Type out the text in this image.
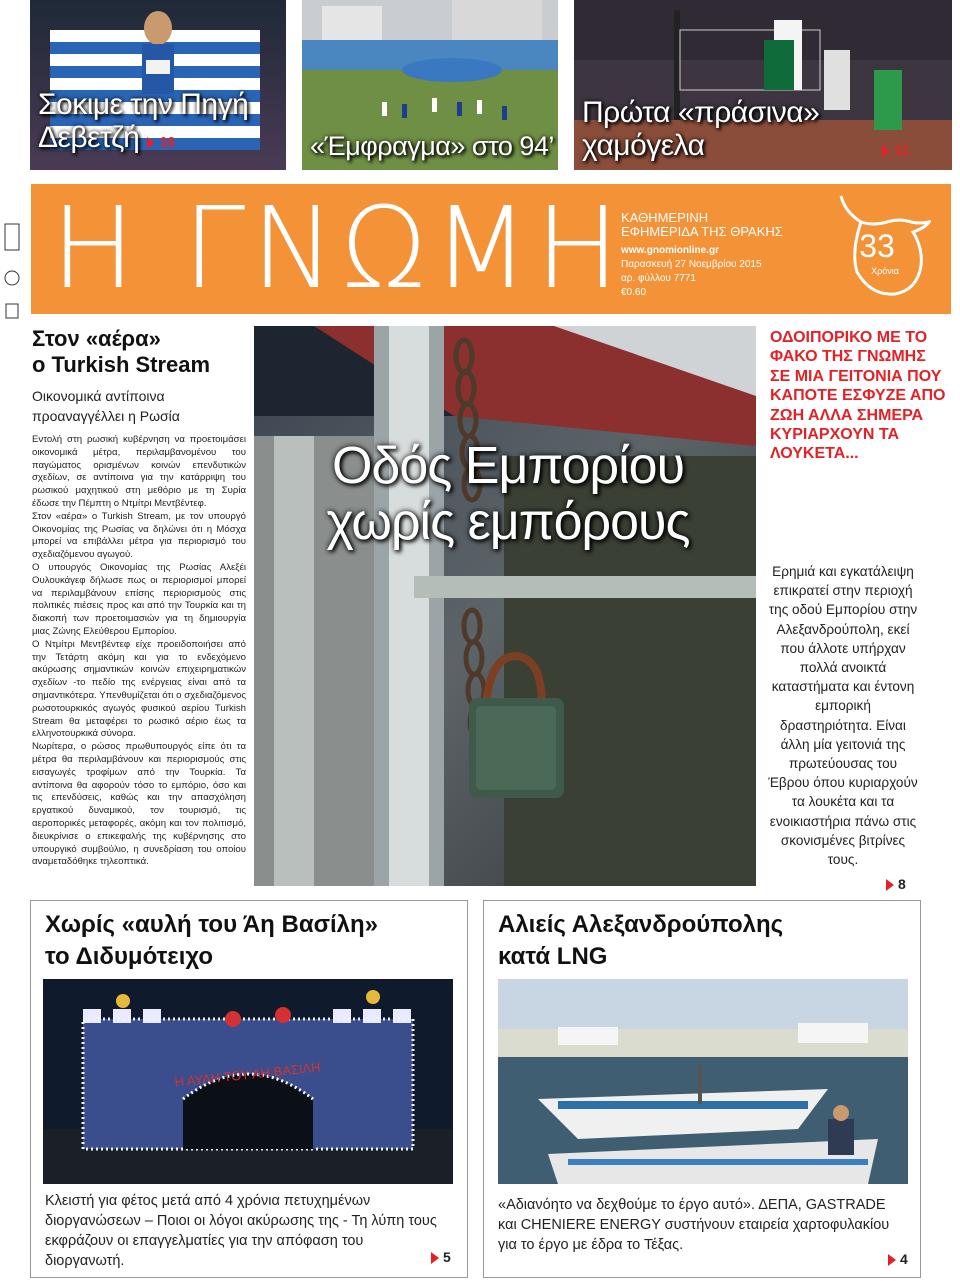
Σοκιμε την Πηγή
Δεβετζή 16	«Έμφραγμα» στο 94’
Πρώτα «πράσινα»
χαμόγελα	11
Η ΓΝΩΜΗ
ΚΑΘΗΜΕΡΙΝΗ
ΕΦΗΜΕΡΙΔΑ ΤΗΣ ΘΡΑΚΗΣ
www.gnomionline.gr
Παρασκευή 27 Νοεμβρίου 2015
αρ. φύλλου 7771
€0.60
33
Χρόνια
Στον «αέρα»
ο Turkish Stream
Οικονομικά αντίποινα προαναγγέλλει η Ρωσία

Εντολή στη ρωσική κυβέρνηση να προετοιμάσει οικονομικά μέτρα, περιλαμβανομένου του παγώματος ορισμένων κοινών επενδυτικών σχεδίων, σε αντίποινα για την κατάρριψη του ρωσικού μαχητικού στη μεθόριο με τη Συρία έδωσε την Πέμπτη ο Ντμίτρι Μεντβέντεφ.

Στον «αέρα» ο Turkish Stream, με τον υπουργό Οικονομίας της Ρωσίας να δηλώνει ότι η Μόσχα μπορεί να επιβάλλει μέτρα για περιορισμό του σχεδιαζόμενου αγωγού.

Ο υπουργός Οικονομίας της Ρωσίας Αλεξέι Ουλουκάγεφ δήλωσε πως οι περιορισμοί μπορεί να περιλαμβάνουν επίσης περιορισμούς στις πολιτικές πιέσεις προς και από την Τουρκία και τη διακοπή των προετοιμασιών για τη δημιουργία μιας Ζώνης Ελεύθερου Εμπορίου.

Ο Ντμίτρι Μεντβέντεφ είχε προειδοποιήσει από την Τετάρτη ακόμη και για το ενδεχόμενο ακύρωσης σημαντικών κοινών επιχειρηματικών σχεδίων -το πεδίο της ενέργειας είναι από τα σημαντικότερα. Υπενθυμίζεται ότι ο σχεδιαζόμενος ρωσοτουρκικός αγωγός φυσικού αερίου Turkish Stream θα μεταφέρει το ρωσικό αέριο έως τα ελληνοτουρκικά σύνορα.

Νωρίτερα, ο ρώσος πρωθυπουργός είπε ότι τα μέτρα θα περιλαμβάνουν και περιορισμούς στις εισαγωγές τροφίμων από την Τουρκία. Τα αντίποινα θα αφορούν τόσο το εμπόριο, όσο και τις επενδύσεις, καθώς και την απασχόληση εργατικού δυναμικού, τον τουρισμό, τις αεροπορικές μεταφορές, ακόμη και τον πολιτισμό, διευκρίνισε ο επικεφαλής της κυβέρνησης στο υπουργικό συμβούλιο, η συνεδρίαση του οποίου αναμεταδόθηκε τηλεοπτικά.

Οδός Εμπορίου
χωρίς εμπόρους
ΟΔΟΙΠΟΡΙΚΟ ΜΕ ΤΟ ΦΑΚΟ ΤΗΣ ΓΝΩΜΗΣ ΣΕ ΜΙΑ ΓΕΙΤΟΝΙΑ ΠΟΥ ΚΑΠΟΤΕ ΕΣΦΥΖΕ ΑΠΟ ΖΩΗ ΑΛΛΑ ΣΗΜΕΡΑ ΚΥΡΙΑΡΧΟΥΝ ΤΑ ΛΟΥΚΕΤΑ...
Ερημιά και εγκατάλειψη επικρατεί στην περιοχή της οδού Εμπορίου στην Αλεξανδρούπολη, εκεί που άλλοτε υπήρχαν πολλά ανοικτά καταστήματα και έντονη εμπορική δραστηριότητα. Είναι άλλη μία γειτονιά της πρωτεύουσας του Έβρου όπου κυριαρχούν τα λουκέτα και τα ενοικιαστήρια πάνω στις σκονισμένες βιτρίνες τους.
8
Χωρίς «αυλή του Άη Βασίλη»
το Διδυμότειχο
Η ΑΥΛΗ ΤΟΥ ΑΗ ΒΑΣΙΛΗ
Κλειστή για φέτος μετά από 4 χρόνια πετυχημένων διοργανώσεων – Ποιοι οι λόγοι ακύρωσης της - Τη λύπη τους εκφράζουν οι επαγγελματίες για την απόφαση του διοργανωτή.	5
Αλιείς Αλεξανδρούπολης
κατά LNG
«Αδιανόητο να δεχθούμε το έργο αυτό». ΔΕΠΑ, GASTRADE και CHENIERE ENERGY συστήνουν εταιρεία χαρτοφυλακίου για το έργο με έδρα το Τέξας.
4
